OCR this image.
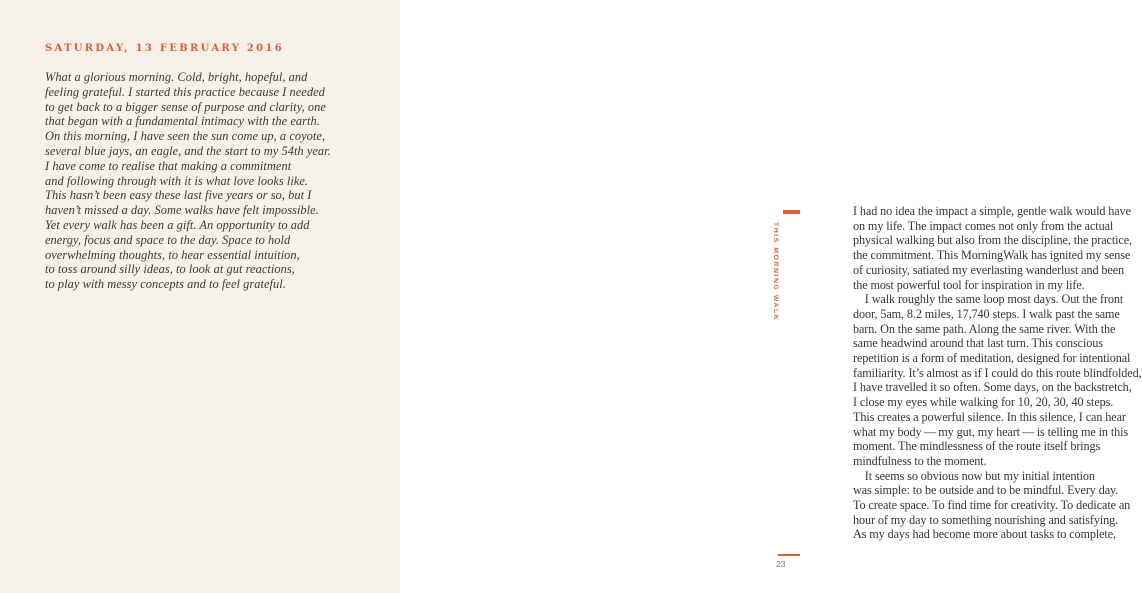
SATURDAY, 13 FEBRUARY 2016
What a glorious morning. Cold, bright, hopeful, and
feeling grateful. I started this practice because I needed
to get back to a bigger sense of purpose and clarity, one
that began with a fundamental intimacy with the earth.
On this morning, I have seen the sun come up, a coyote,
several blue jays, an eagle, and the start to my 54th year.
I have come to realise that making a commitment
and following through with it is what love looks like.
This hasn’t been easy these last five years or so, but I
haven’t missed a day. Some walks have felt impossible.
Yet every walk has been a gift. An opportunity to add
energy, focus and space to the day. Space to hold
overwhelming thoughts, to hear essential intuition,
to toss around silly ideas, to look at gut reactions,
to play with messy concepts and to feel grateful.
I had no idea the impact a simple, gentle walk would have
on my life. The impact comes not only from the actual
physical walking but also from the discipline, the practice,
the commitment. This MorningWalk has ignited my sense
of curiosity, satiated my everlasting wanderlust and been
the most powerful tool for inspiration in my life.
I walk roughly the same loop most days. Out the front
door, 5am, 8.2 miles, 17,740 steps. I walk past the same
barn. On the same path. Along the same river. With the
same headwind around that last turn. This conscious
repetition is a form of meditation, designed for intentional
familiarity. It’s almost as if I could do this route blindfolded,
I have travelled it so often. Some days, on the backstretch,
I close my eyes while walking for 10, 20, 30, 40 steps.
This creates a powerful silence. In this silence, I can hear
what my body — my gut, my heart — is telling me in this
moment. The mindlessness of the route itself brings
mindfulness to the moment.
It seems so obvious now but my initial intention
was simple: to be outside and to be mindful. Every day.
To create space. To find time for creativity. To dedicate an
hour of my day to something nourishing and satisfying.
As my days had become more about tasks to complete,
THIS MORNING WALK
23
